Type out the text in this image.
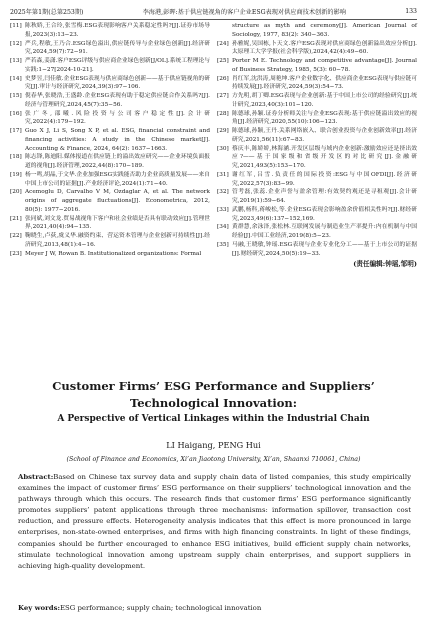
2025年第1期(总第253期)	李海港,彭晖:基于供应链视角的客户企业ESG表现对供应商技术创新的影响	133
[11] 陈秋娇,王合玲,张雪梅.ESG表现影响客户关系稳定性吗?[J].证券市场导报,2023(3):13−23.
[12] 严兵,程敏,王乃合.ESG绿色溢出,供应链传导与企业绿色创新[J].经济研究,2024,59(7):72−91.
[13] 严若森,姜潇.客户ESG评级与供应商企业绿色创新[J/OL].系统工程理论与实践:1−27[2024-10-21].
[14] 史梦昱,闫佳敏.企业ESG表现与供应商绿色创新——基于供应链视角的研究[J].审计与经济研究,2024,39(3):97−106.
[15] 倪春华,张晓浩,王盛龄.企业ESG表现有助于稳定供应链合作关系吗?[J].经济与管理研究,2024,45(7):35−56.
[16] 张广冬,邵曦.风险投资与公司客户稳定性[J].会计研究,2022(4):179−192.
[17] Guo X J, Li S, Song X P, et al. ESG, financial constraint and financing activities: A study in the Chinese market[J]. Accounting & Finance, 2024, 64(2): 1637−1663.
[18] 陈志锋,陈迪阳.媒体报道在供应链上的溢出效应研究——企业环境负面报道的视角[J].经济管理,2022,44(8):170−189.
[19] 杨一鸣,胡晶,于文华.企业加强ESG实践能否助力企业高质量发展——来自中国上市公司的证据[J].产业经济评论,2024(1):71−40.
[20] Acemoglu D, Carvalho V M, Ozdaglar A, et al. The network origins of aggregate fluctuations[J]. Econometrica, 2012, 80(5): 1977−2016.
[21] 张同斌,刘文龙.贸易战视角下客户和社会业绩是否具有联动效应[J].管理世界,2021,40(4):94−135.
[22] 鞠晓生,卢荻,虞义华.融资约束、营运资本管理与企业创新可持续性[J].经济研究,2013,48(1):4−16.
[23] Meyer J W, Rowan B. Institutionalized organizations: Formal
structure as myth and ceremony[J]. American Journal of Sociology, 1977, 83(2): 340−363.
[24] 孙雅妮,吴国栋,卜天文.客户ESG表现对供应商绿色创新溢出效应分析[J].太原理工大学学报(社会科学版),2024,42(4):49−60.
[25] Porter M E. Technology and competitive advantage[J]. Journal of Business Strategy, 1985, 5(3): 60−78.
[26] 肖红军,沈洪涛,周艳坤.客户企业数字化、供应商企业ESG表现与供应链可持续发展[J].经济研究,2024,59(3):54−73.
[27] 方先明,胡丁卿.ESG表现与企业创新:基于中国上市公司的经验研究[J].统计研究,2023,40(3):101−120.
[28] 陈德球,孙颖.证券分析师关注与企业ESG表现:基于供应链溢出效应的视角[J].经济研究,2020,55(10):106−123.
[29] 陈德球,孙颖,王丹.关系网络嵌入、联合创业投资与企业创新效率[J].经济研究,2021,56(11):67−83.
[30] 蔡庆丰,陈娇娇,林海涵.开发区层级与域内企业创新:激励效应还是挤出效应?——基于国家级和省级开发区的对比研究[J].金融研究,2021,493(5):153−170.
[31] 谢红军,吕雪.负责任的国际投资:ESG与中国OFDI[J].经济研究,2022,57(3):83−99.
[32] 管考磊,张蕊.企业声誉与盈余管理:有效契约观还是寻租观[J].会计研究,2019(1):59−64.
[33] 武鹏,杨科,蒋峻松,等.企业ESG表现会影响盈余价值相关性吗?[J].财经研究,2023,49(6):137−152,169.
[34] 黄群慧,余泳泽,张松林.互联网发展与制造业生产率提升:内在机制与中国经验[J].中国工业经济,2019(8):5−23.
[35] 马融,王晓敏,钟瑶.ESG表现与企业专业化分工——基于上市公司的证据[J].财经研究,2024,50(5):19−33.
(责任编辑:钟瑶,邹明)
Customer Firms’ ESG Performance and Suppliers’
Technological Innovation:
A Perspective of Vertical Linkages within the Industrial Chain
LI Haigang, PENG Hui
(School of Finance and Economics, Xi’an Jiaotong University, Xi’an, Shaanxi 710061, China)
Abstract:Based on Chinese tax survey data and supply chain data of listed companies, this study empirically examines the impact of customer firms’ ESG performance on their suppliers’ technological innovation and the pathways through which this occurs. The research finds that customer firms’ ESG performance significantly promotes suppliers’ patent applications through three mechanisms: information spillover, transaction cost reduction, and pressure effects. Heterogeneity analysis indicates that this effect is more pronounced in large enterprises, non-state-owned enterprises, and firms with high financing constraints. In light of these findings, companies should be further encouraged to enhance ESG initiatives, build efficient supply chain networks, stimulate technological innovation among upstream supply chain enterprises, and support suppliers in achieving high-quality development.
Key words:ESG performance; supply chain; technological innovation
